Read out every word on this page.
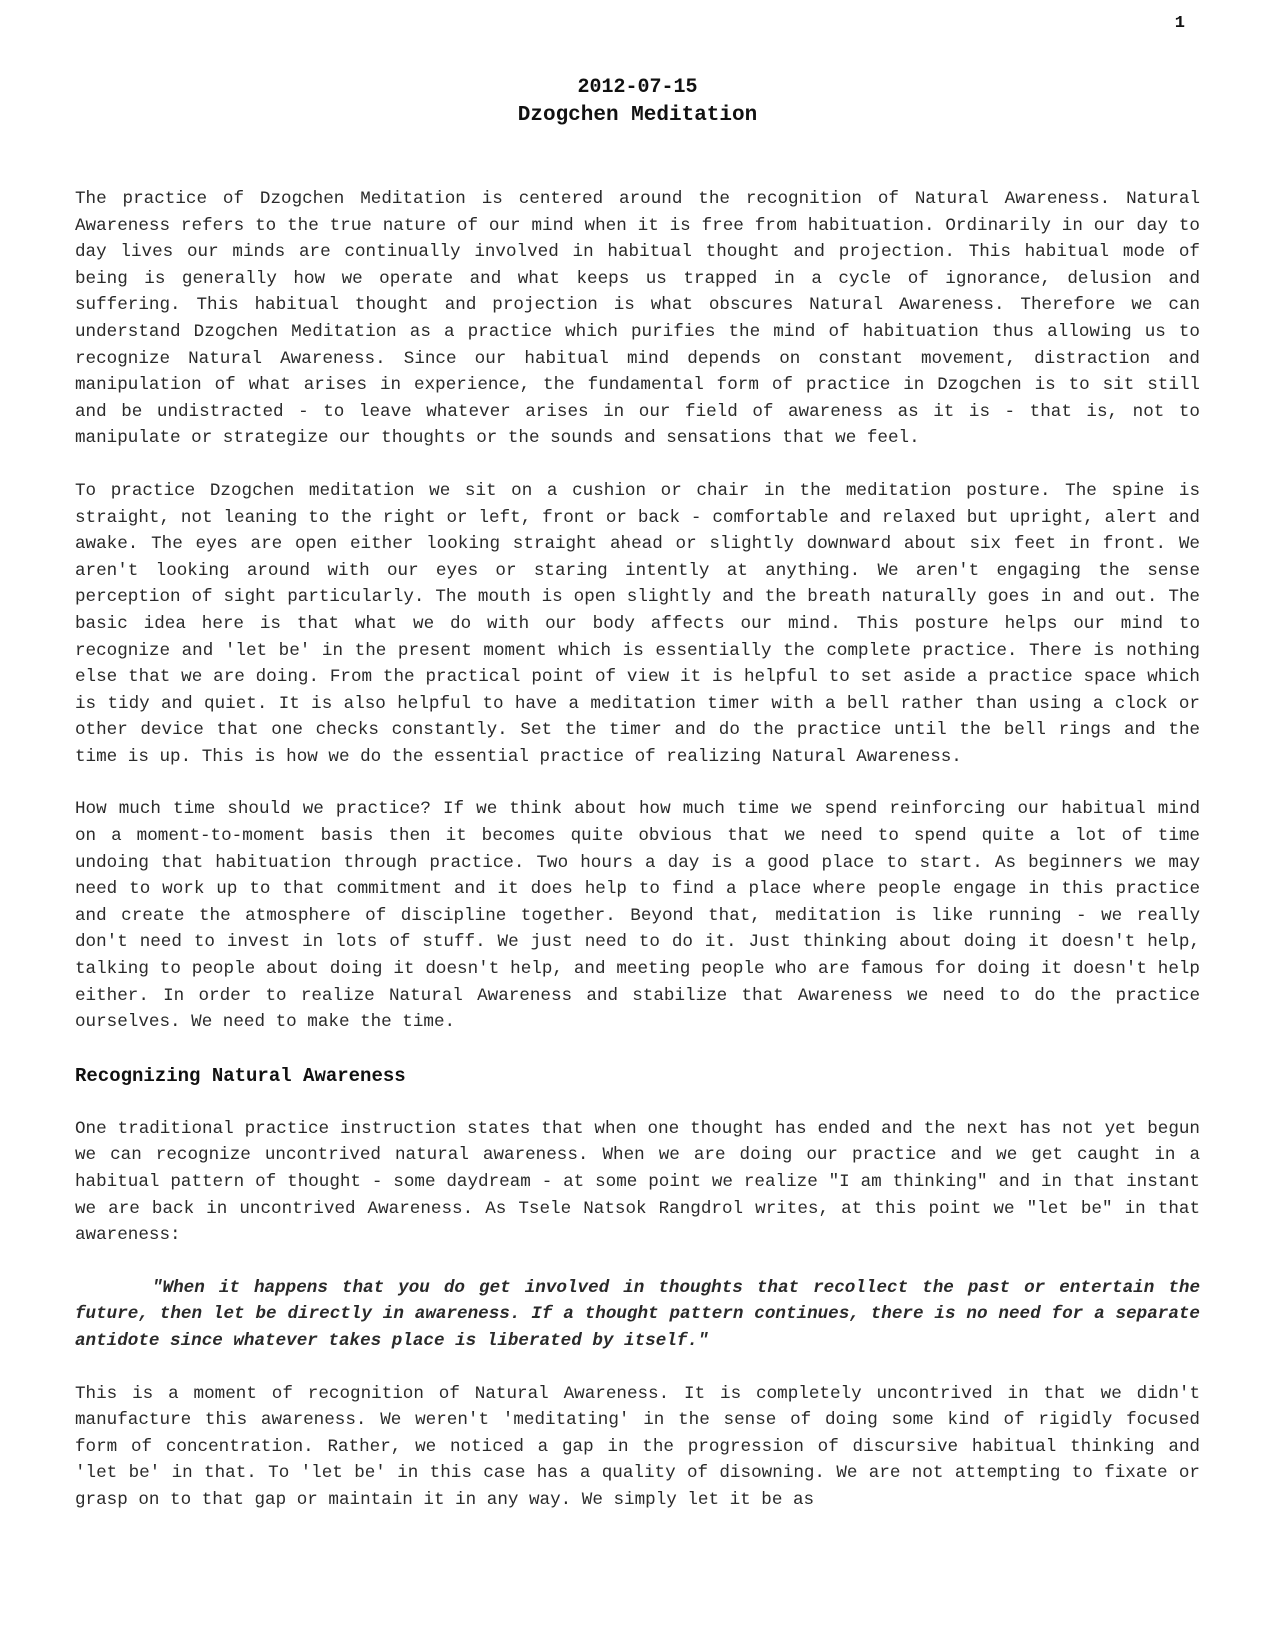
1
2012-07-15
Dzogchen Meditation

The practice of Dzogchen Meditation is centered around the recognition of Natural Awareness. Natural Awareness refers to the true nature of our mind when it is free from habituation. Ordinarily in our day to day lives our minds are continually involved in habitual thought and projection. This habitual mode of being is generally how we operate and what keeps us trapped in a cycle of ignorance, delusion and suffering. This habitual thought and projection is what obscures Natural Awareness. Therefore we can understand Dzogchen Meditation as a practice which purifies the mind of habituation thus allowing us to recognize Natural Awareness. Since our habitual mind depends on constant movement, distraction and manipulation of what arises in experience, the fundamental form of practice in Dzogchen is to sit still and be undistracted - to leave whatever arises in our field of awareness as it is - that is, not to manipulate or strategize our thoughts or the sounds and sensations that we feel.

To practice Dzogchen meditation we sit on a cushion or chair in the meditation posture. The spine is straight, not leaning to the right or left, front or back - comfortable and relaxed but upright, alert and awake. The eyes are open either looking straight ahead or slightly downward about six feet in front. We aren't looking around with our eyes or staring intently at anything. We aren't engaging the sense perception of sight particularly. The mouth is open slightly and the breath naturally goes in and out. The basic idea here is that what we do with our body affects our mind. This posture helps our mind to recognize and 'let be' in the present moment which is essentially the complete practice. There is nothing else that we are doing. From the practical point of view it is helpful to set aside a practice space which is tidy and quiet. It is also helpful to have a meditation timer with a bell rather than using a clock or other device that one checks constantly. Set the timer and do the practice until the bell rings and the time is up. This is how we do the essential practice of realizing Natural Awareness.

How much time should we practice? If we think about how much time we spend reinforcing our habitual mind on a moment-to-moment basis then it becomes quite obvious that we need to spend quite a lot of time undoing that habituation through practice. Two hours a day is a good place to start. As beginners we may need to work up to that commitment and it does help to find a place where people engage in this practice and create the atmosphere of discipline together. Beyond that, meditation is like running - we really don't need to invest in lots of stuff. We just need to do it. Just thinking about doing it doesn't help, talking to people about doing it doesn't help, and meeting people who are famous for doing it doesn't help either. In order to realize Natural Awareness and stabilize that Awareness we need to do the practice ourselves. We need to make the time.

Recognizing Natural Awareness

One traditional practice instruction states that when one thought has ended and the next has not yet begun we can recognize uncontrived natural awareness. When we are doing our practice and we get caught in a habitual pattern of thought - some daydream - at some point we realize "I am thinking" and in that instant we are back in uncontrived Awareness. As Tsele Natsok Rangdrol writes, at this point we "let be" in that awareness:

"When it happens that you do get involved in thoughts that recollect the past or entertain the future, then let be directly in awareness. If a thought pattern continues, there is no need for a separate antidote since whatever takes place is liberated by itself."

This is a moment of recognition of Natural Awareness. It is completely uncontrived in that we didn't manufacture this awareness. We weren't 'meditating' in the sense of doing some kind of rigidly focused form of concentration. Rather, we noticed a gap in the progression of discursive habitual thinking and 'let be' in that. To 'let be' in this case has a quality of disowning. We are not attempting to fixate or grasp on to that gap or maintain it in any way. We simply let it be as
